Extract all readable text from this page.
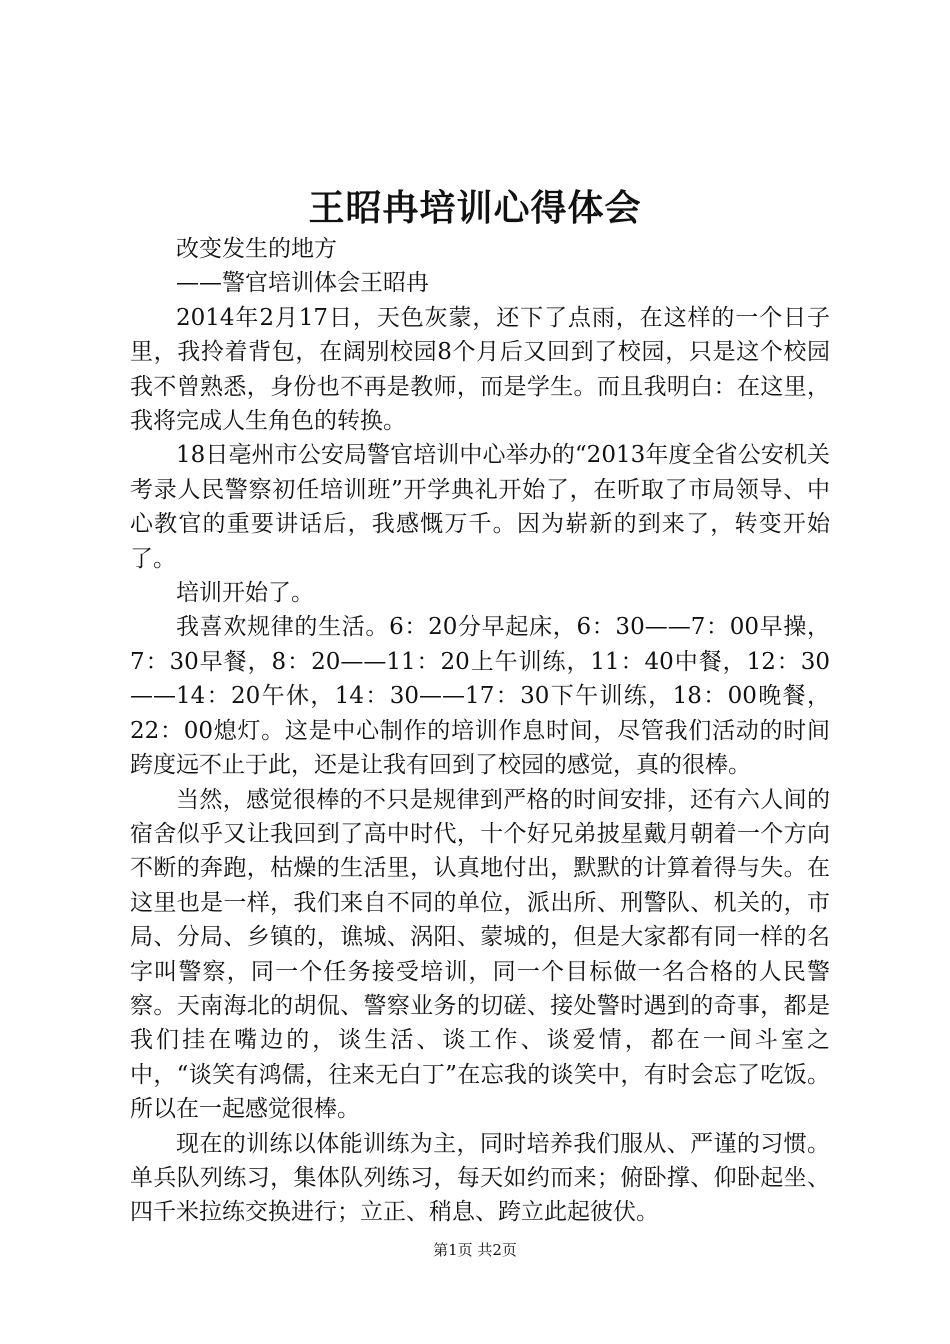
王昭冉培训心得体会

改变发生的地方

——警官培训体会王昭冉

2014年2月17日，天色灰蒙，还下了点雨，在这样的一个日子里，我拎着背包，在阔别校园8个月后又回到了校园，只是这个校园我不曾熟悉，身份也不再是教师，而是学生。而且我明白：在这里，我将完成人生角色的转换。

18日亳州市公安局警官培训中心举办的“2013年度全省公安机关考录人民警察初任培训班”开学典礼开始了，在听取了市局领导、中心教官的重要讲话后，我感慨万千。因为崭新的到来了，转变开始了。

培训开始了。

我喜欢规律的生活。6：20分早起床，6：30——7：00早操，7：30早餐，8：20——11：20上午训练，11：40中餐，12：30——14：20午休，14：30——17：30下午训练，18：00晚餐，22：00熄灯。这是中心制作的培训作息时间，尽管我们活动的时间跨度远不止于此，还是让我有回到了校园的感觉，真的很棒。

当然，感觉很棒的不只是规律到严格的时间安排，还有六人间的宿舍似乎又让我回到了高中时代，十个好兄弟披星戴月朝着一个方向不断的奔跑，枯燥的生活里，认真地付出，默默的计算着得与失。在这里也是一样，我们来自不同的单位，派出所、刑警队、机关的，市局、分局、乡镇的，谯城、涡阳、蒙城的，但是大家都有同一样的名字叫警察，同一个任务接受培训，同一个目标做一名合格的人民警察。天南海北的胡侃、警察业务的切磋、接处警时遇到的奇事，都是我们挂在嘴边的，谈生活、谈工作、谈爱情，都在一间斗室之中，“谈笑有鸿儒，往来无白丁”在忘我的谈笑中，有时会忘了吃饭。所以在一起感觉很棒。

现在的训练以体能训练为主，同时培养我们服从、严谨的习惯。单兵队列练习，集体队列练习，每天如约而来；俯卧撑、仰卧起坐、四千米拉练交换进行；立正、稍息、跨立此起彼伏。

第1页 共2页
